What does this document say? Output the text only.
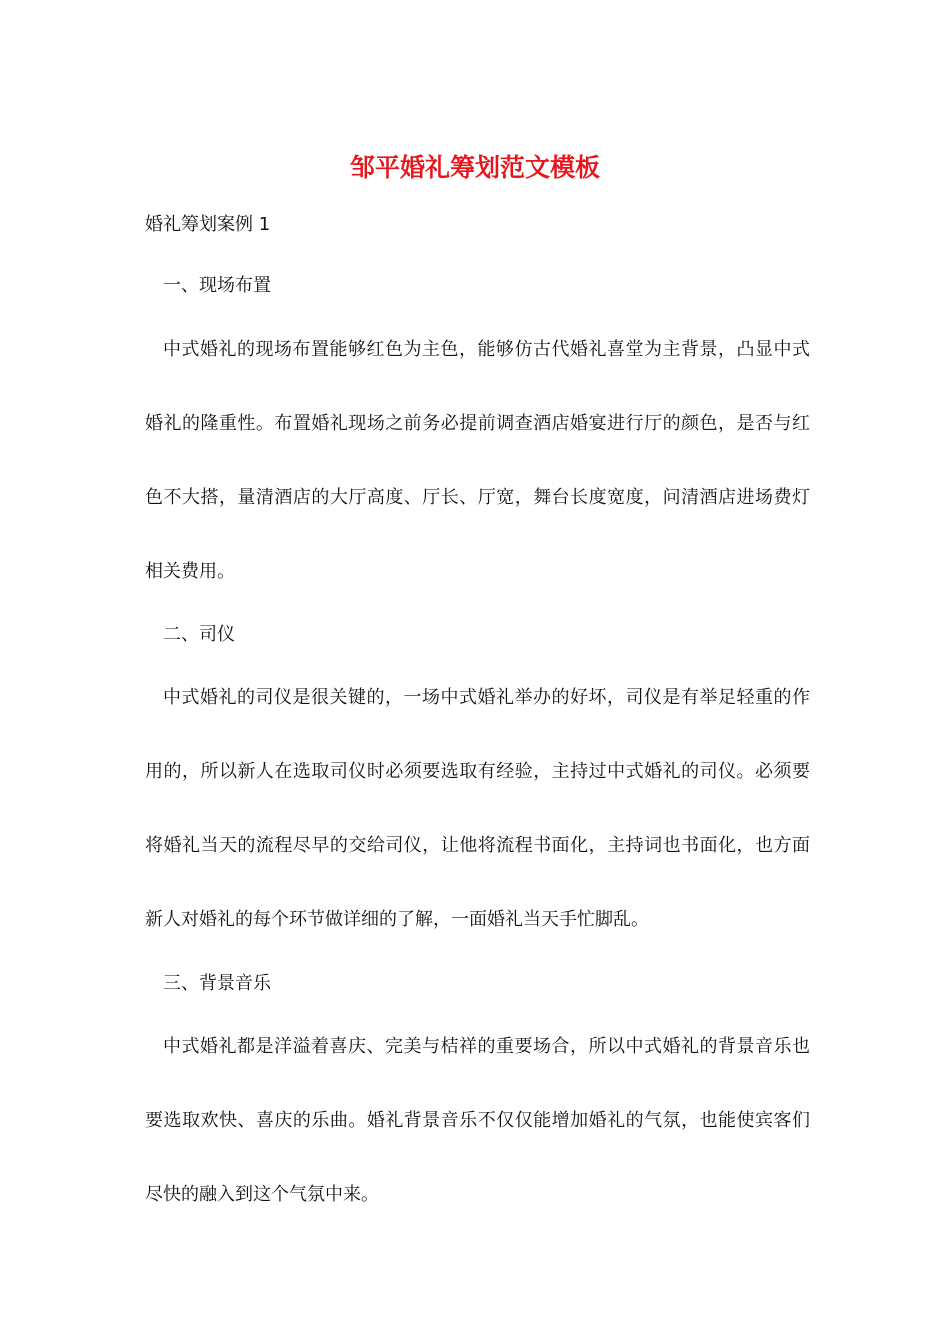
邹平婚礼筹划范文模板

婚礼筹划案例 1

一、现场布置

中式婚礼的现场布置能够红色为主色，能够仿古代婚礼喜堂为主背景，凸显中式婚礼的隆重性。布置婚礼现场之前务必提前调查酒店婚宴进行厅的颜色，是否与红色不大搭，量清酒店的大厅高度、厅长、厅宽，舞台长度宽度，问清酒店进场费灯相关费用。

二、司仪

中式婚礼的司仪是很关键的，一场中式婚礼举办的好坏，司仪是有举足轻重的作用的，所以新人在选取司仪时必须要选取有经验，主持过中式婚礼的司仪。必须要将婚礼当天的流程尽早的交给司仪，让他将流程书面化，主持词也书面化，也方面新人对婚礼的每个环节做详细的了解，一面婚礼当天手忙脚乱。

三、背景音乐

中式婚礼都是洋溢着喜庆、完美与桔祥的重要场合，所以中式婚礼的背景音乐也要选取欢快、喜庆的乐曲。婚礼背景音乐不仅仅能增加婚礼的气氛，也能使宾客们尽快的融入到这个气氛中来。
